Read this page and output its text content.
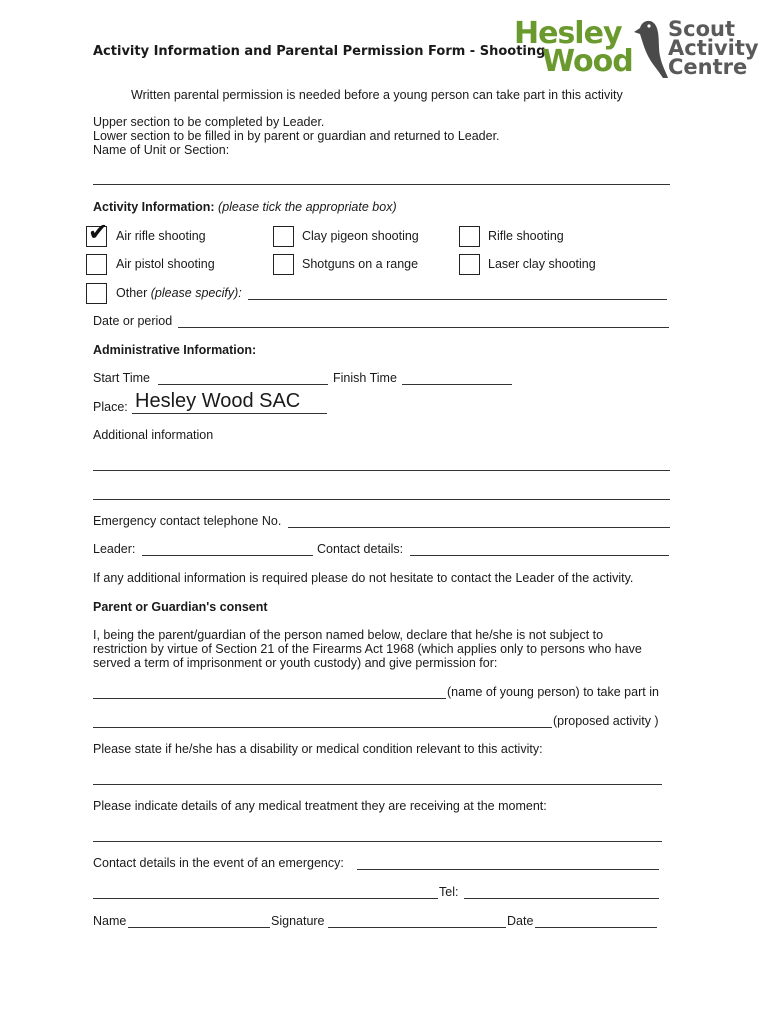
Activity Information and Parental Permission Form - Shooting
Hesley
Wood
Scout
Activity
Centre
Written parental permission is needed before a young person can take part in this activity
Upper section to be completed by Leader.
Lower section to be filled in by parent or guardian and returned to Leader.
Name of Unit or Section:
Activity Information: (please tick the appropriate box)
✔ Air rifle shooting	Clay pigeon shooting	Rifle shooting
Air pistol shooting	Shotguns on a range	Laser clay shooting
Other (please specify):
Date or period
Administrative Information:
Start Time	Finish Time
Place: Hesley Wood SAC
Additional information
Emergency contact telephone No.
Leader:	Contact details:
If any additional information is required please do not hesitate to contact the Leader of the activity.
Parent or Guardian's consent
I, being the parent/guardian of the person named below, declare that he/she is not subject to
restriction by virtue of Section 21 of the Firearms Act 1968 (which applies only to persons who have
served a term of imprisonment or youth custody) and give permission for:
(name of young person) to take part in
(proposed activity )
Please state if he/she has a disability or medical condition relevant to this activity:
Please indicate details of any medical treatment they are receiving at the moment:
Contact details in the event of an emergency:
Tel:
Name	Signature	Date
